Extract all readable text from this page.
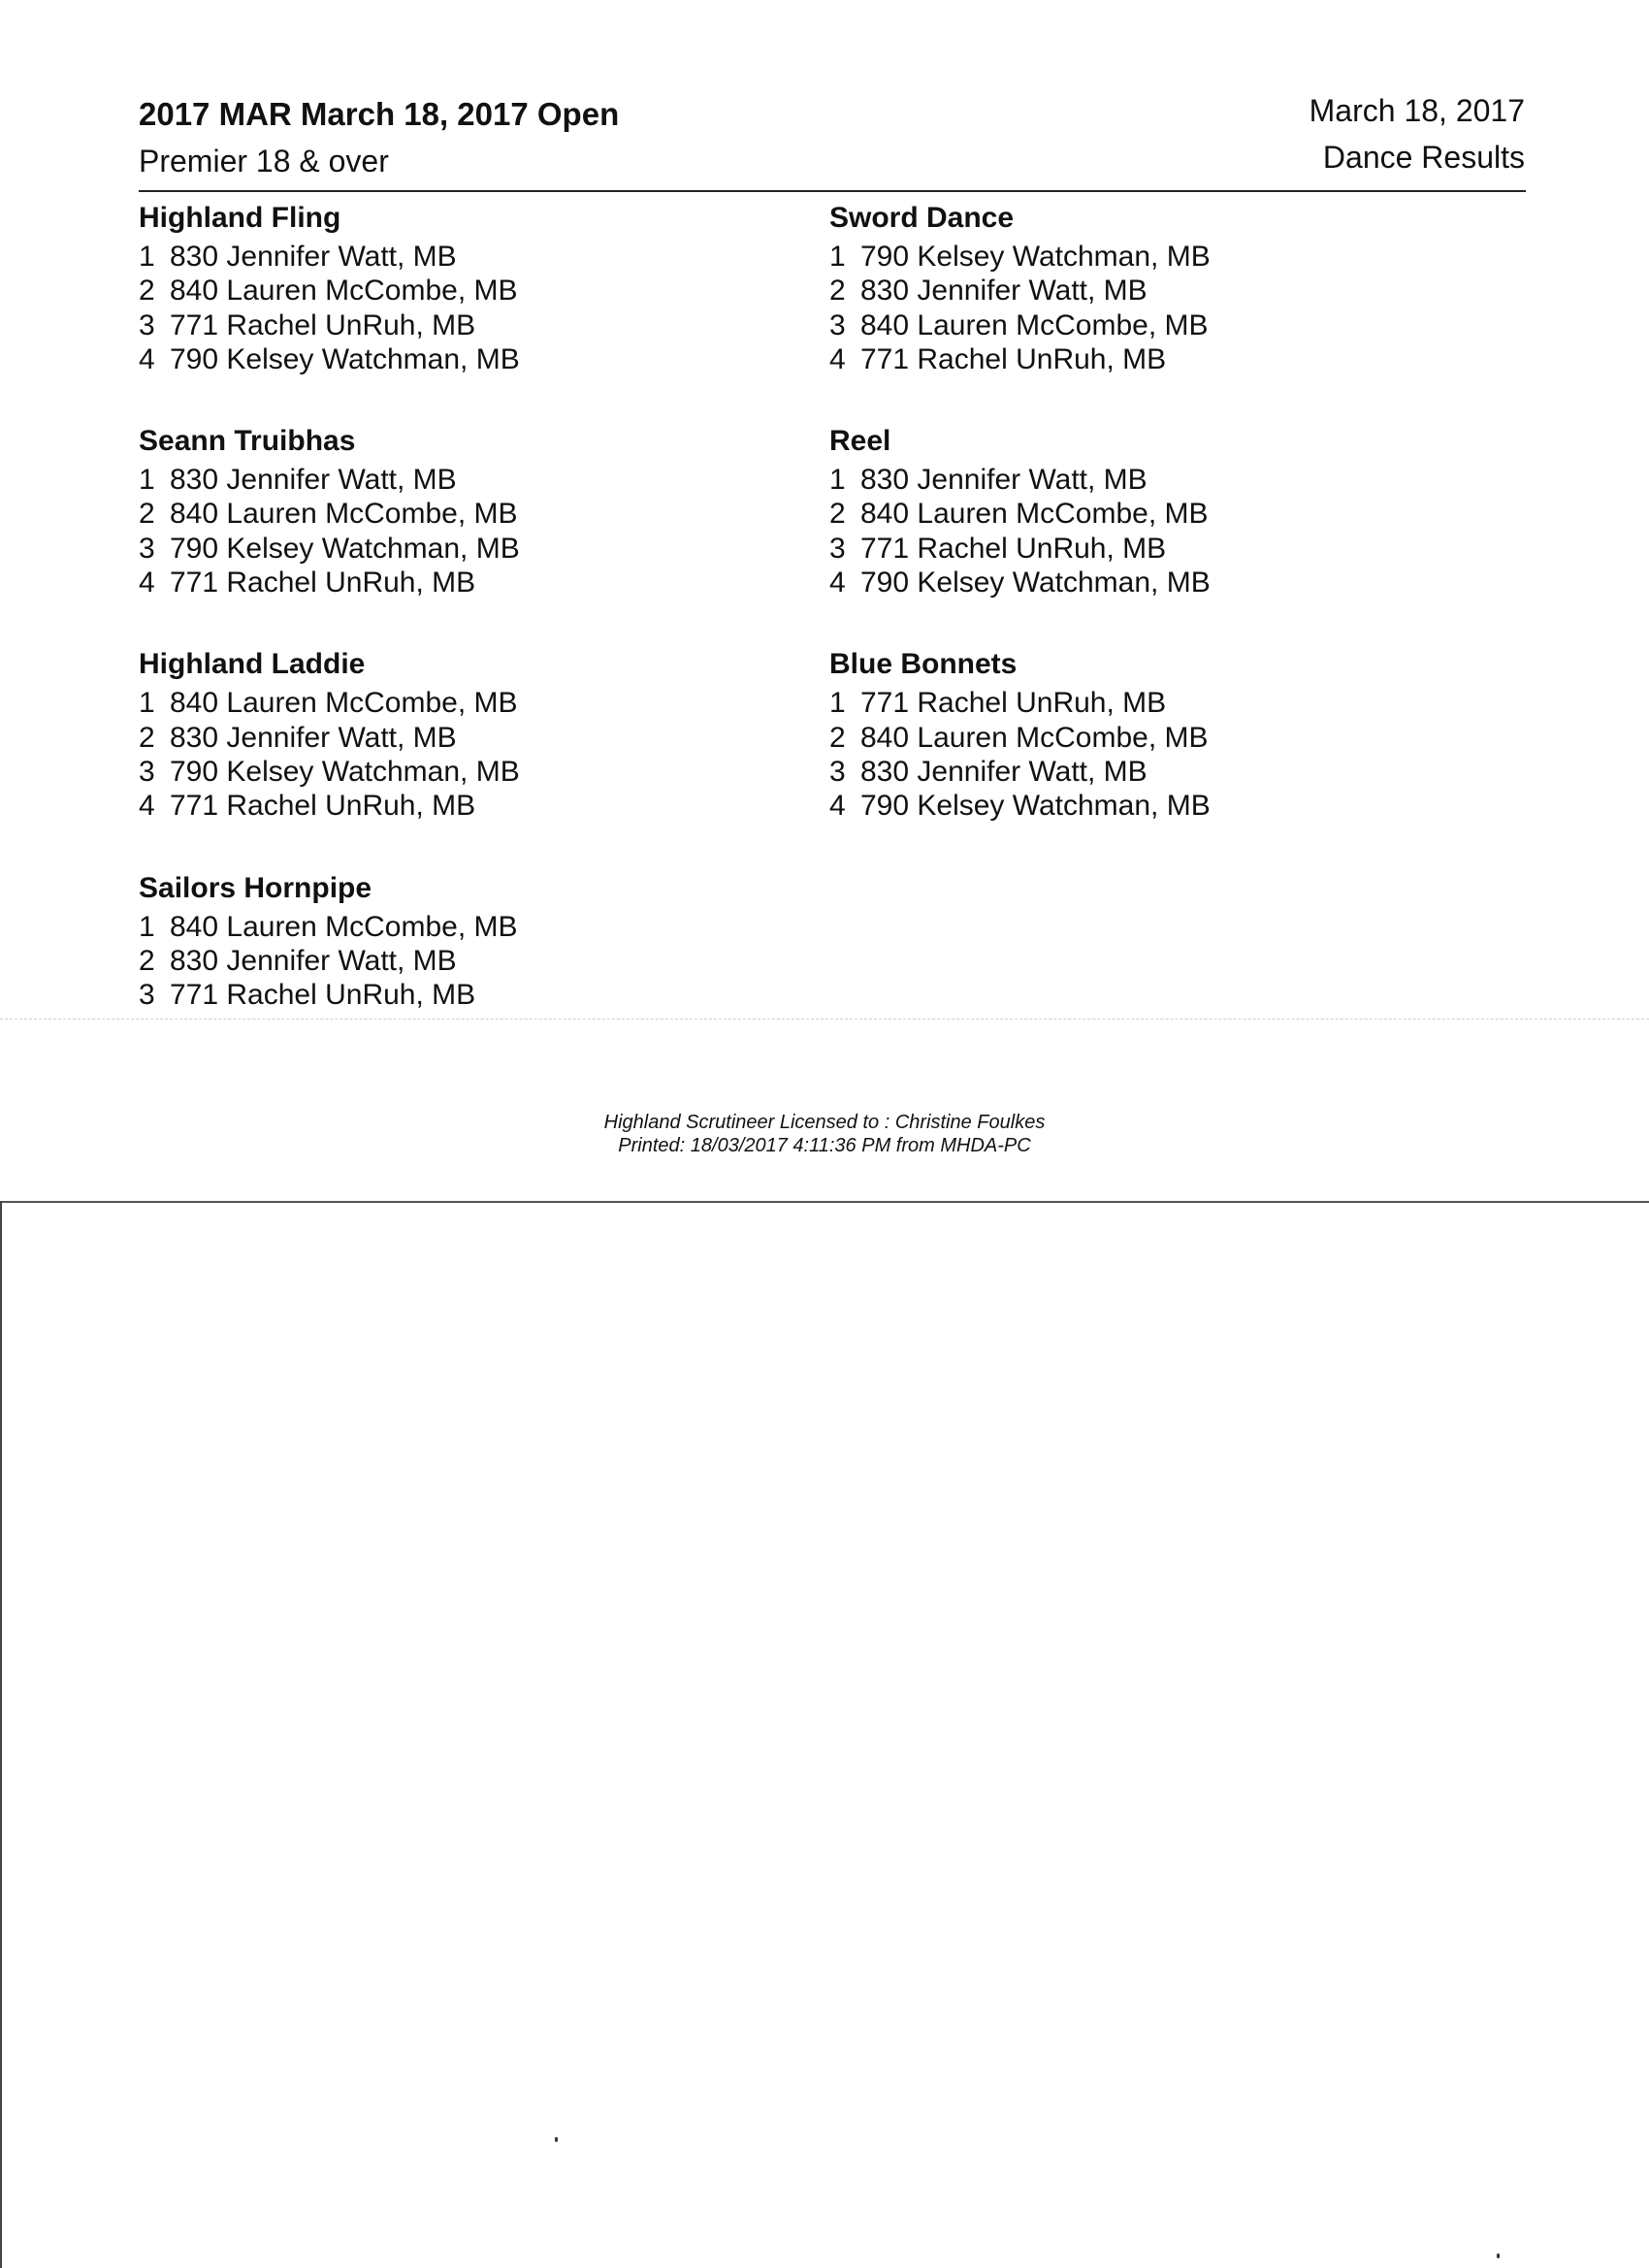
2017 MAR March 18, 2017 Open
Premier 18 & over
March 18, 2017
Dance Results
Highland Fling
1 830 Jennifer Watt, MB
2 840 Lauren McCombe, MB
3 771 Rachel UnRuh, MB
4 790 Kelsey Watchman, MB
Seann Truibhas
1 830 Jennifer Watt, MB
2 840 Lauren McCombe, MB
3 790 Kelsey Watchman, MB
4 771 Rachel UnRuh, MB
Highland Laddie
1 840 Lauren McCombe, MB
2 830 Jennifer Watt, MB
3 790 Kelsey Watchman, MB
4 771 Rachel UnRuh, MB
Sailors Hornpipe
1 840 Lauren McCombe, MB
2 830 Jennifer Watt, MB
3 771 Rachel UnRuh, MB
Sword Dance
1 790 Kelsey Watchman, MB
2 830 Jennifer Watt, MB
3 840 Lauren McCombe, MB
4 771 Rachel UnRuh, MB
Reel
1 830 Jennifer Watt, MB
2 840 Lauren McCombe, MB
3 771 Rachel UnRuh, MB
4 790 Kelsey Watchman, MB
Blue Bonnets
1 771 Rachel UnRuh, MB
2 840 Lauren McCombe, MB
3 830 Jennifer Watt, MB
4 790 Kelsey Watchman, MB
Highland Scrutineer Licensed to : Christine Foulkes
Printed: 18/03/2017 4:11:36 PM from MHDA-PC
